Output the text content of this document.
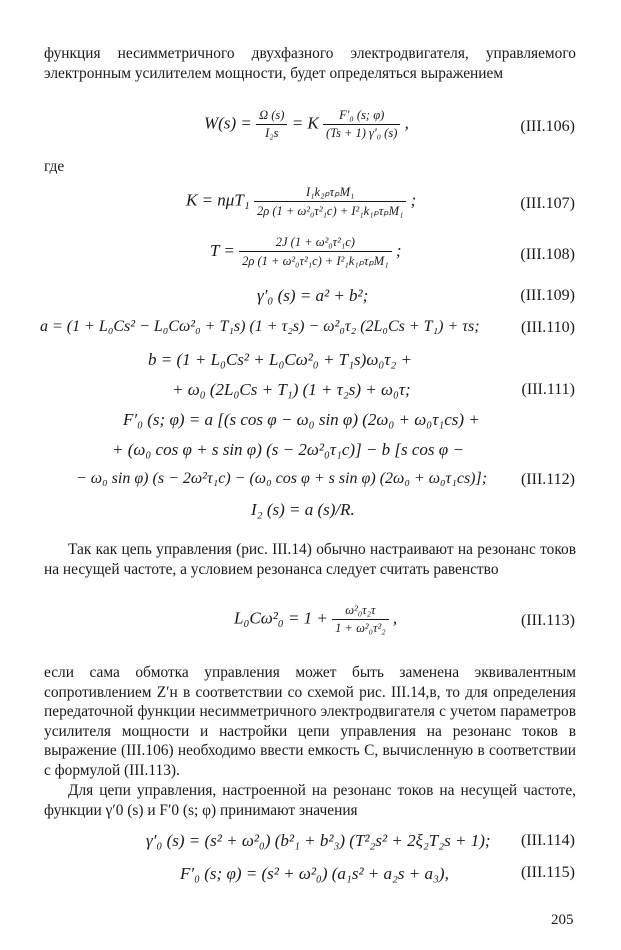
функция несимметричного двухфазного электродвигателя, управляемого электронным усилителем мощности, будет определяться выражением
$W(s) = \frac{\Omega (s)}{\text{I₂s}} = K \frac{\text{F′₀ (s; φ)}}{\text{(Ts + 1) γ′₀ (s)}}$ ,	(III.106)
где
$K = n\mu T_1 \frac{\text{I₁k₂ₚτₚM₁}}{\text{2ρ (1 + ω²₀τ²₁c) + I²₁k₁ₚτₚM₁}}$ ;	(III.107)
$T = \frac{\text{2J (1 + ω²₀τ²₁c)}}{\text{2ρ (1 + ω²₀τ²₁c) + I²₁k₁ₚτₚM₁}}$ ;	(III.108)
γ′₀ (s) = a² + b²;	(III.109)
a = (1 + L₀Cs² − L₀Cω²₀ + T₁s) (1 + τ₂s) − ω²₀τ₂ (2L₀Cs + T₁) + τs;	(III.110)
b = (1 + L₀Cs² + L₀Cω²₀ + T₁s)ω₀τ₂ +
+ ω₀ (2L₀Cs + T₁) (1 + τ₂s) + ω₀τ;	(III.111)
F′₀ (s; φ) = a [(s cos φ − ω₀ sin φ) (2ω₀ + ω₀τ₁cs) +
+ (ω₀ cos φ + s sin φ) (s − 2ω²₀τ₁c)] − b [s cos φ −
− ω₀ sin φ) (s − 2ω²τ₁c) − (ω₀ cos φ + s sin φ) (2ω₀ + ω₀τ₁cs)]; (III.112)
I₂ (s) = a (s)/R.
Так как цепь управления (рис. III.14) обычно настраивают на резонанс токов на несущей частоте, а условием резонанса следует считать равенство
$L_0C\omega^2_0 = 1 + \frac{\text{ω²₀τ₂τ}}{\text{1 + ω²₀τ²₂}}$ ,	(III.113)
если сама обмотка управления может быть заменена эквивалентным сопротивлением Z′н в соответствии со схемой рис. III.14,в, то для определения передаточной функции несимметричного электродвигателя с учетом параметров усилителя мощности и настройки цепи управления на резонанс токов в выражение (III.106) необходимо ввести емкость C, вычисленную в соответствии с формулой (III.113).
Для цепи управления, настроенной на резонанс токов на несущей частоте, функции γ′0 (s) и F′0 (s; φ) принимают значения
γ′₀ (s) = (s² + ω²₀) (b²₁ + b²₃) (T²₂s² + 2ξ₂T₂s + 1); (III.114)
F′₀ (s; φ) = (s² + ω²₀) (a₁s² + a₂s + a₃),	(III.115)
205
